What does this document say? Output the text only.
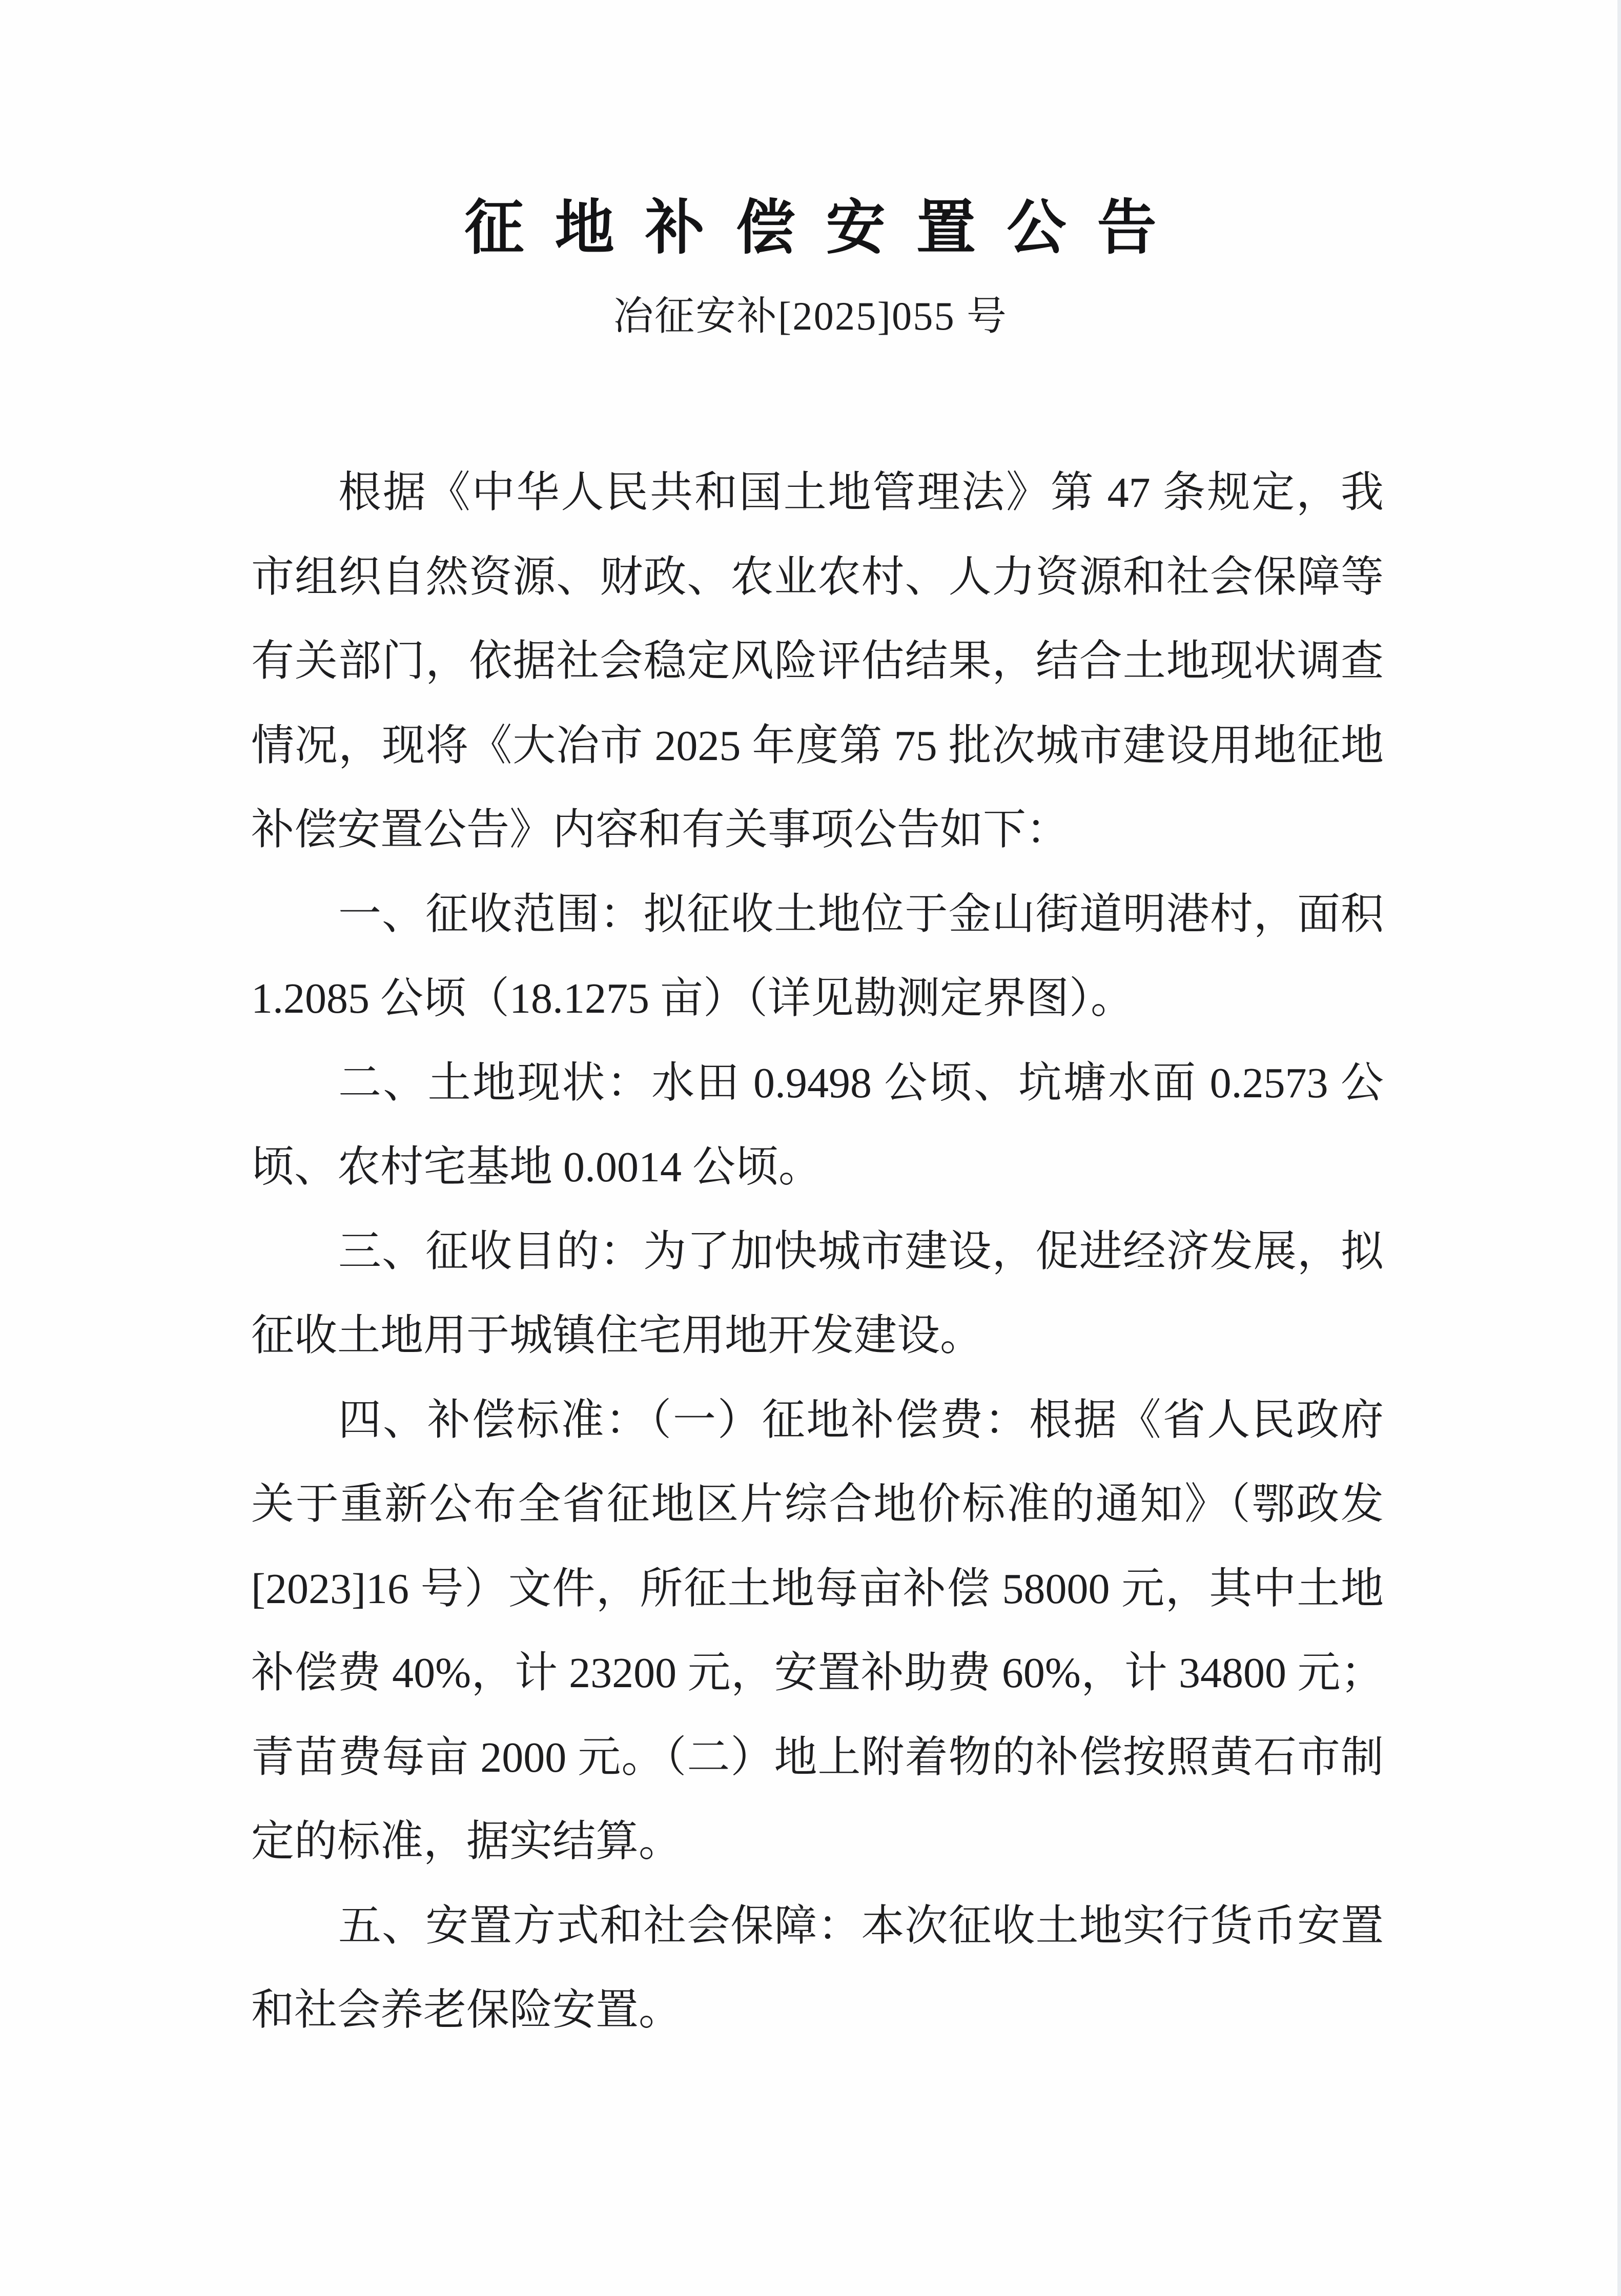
征地补偿安置公告
冶征安补[2025]055 号
根据《中华人民共和国土地管理法》第 47 条规定，我
市组织自然资源、财政、农业农村、人力资源和社会保障等
有关部门，依据社会稳定风险评估结果，结合土地现状调查
情况，现将《大冶市 2025 年度第 75 批次城市建设用地征地
补偿安置公告》内容和有关事项公告如下：
一、征收范围：拟征收土地位于金山街道明港村，面积
1.2085 公顷（18.1275 亩）（详见勘测定界图）。
二、土地现状：水田 0.9498 公顷、坑塘水面 0.2573 公
顷、农村宅基地 0.0014 公顷。
三、征收目的：为了加快城市建设，促进经济发展，拟
征收土地用于城镇住宅用地开发建设。
四、补偿标准：（一）征地补偿费：根据《省人民政府
关于重新公布全省征地区片综合地价标准的通知》（鄂政发
[2023]16 号）文件，所征土地每亩补偿 58000 元，其中土地
补偿费 40%，计 23200 元，安置补助费 60%，计 34800 元；
青苗费每亩 2000 元。（二）地上附着物的补偿按照黄石市制
定的标准，据实结算。
五、安置方式和社会保障：本次征收土地实行货币安置
和社会养老保险安置。
